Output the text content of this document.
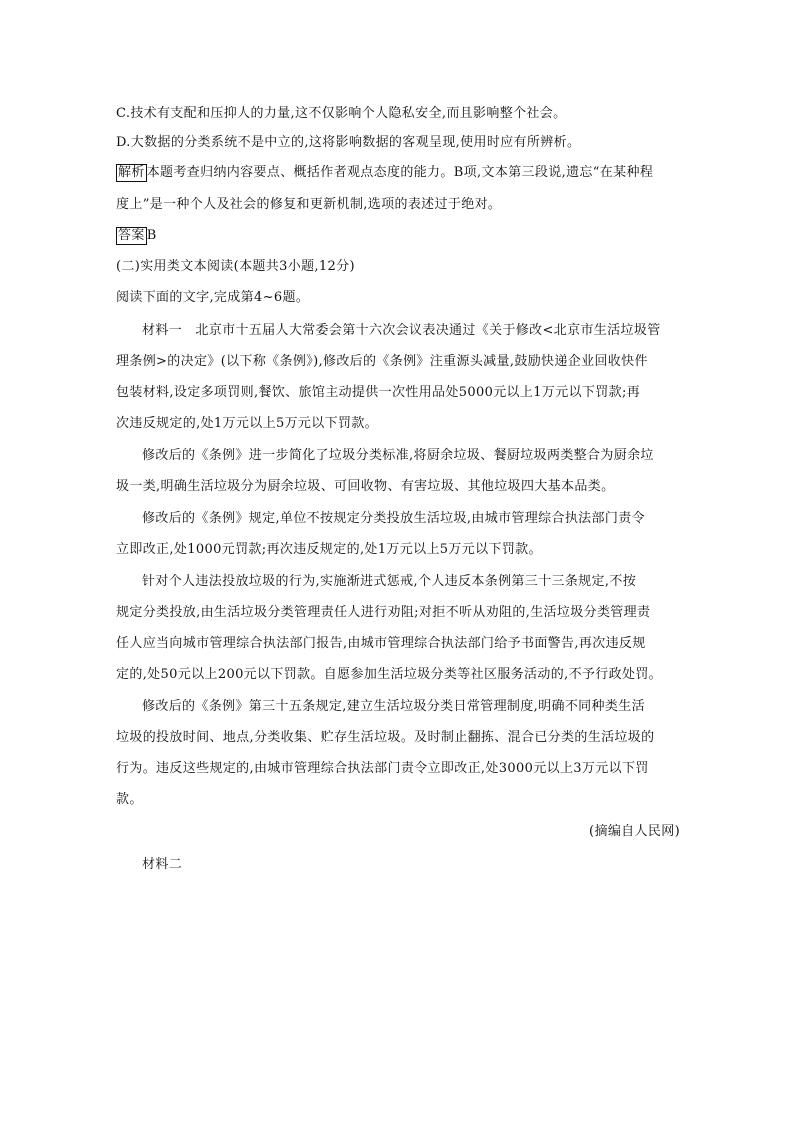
C.技术有支配和压抑人的力量,这不仅影响个人隐私安全,而且影响整个社会。
D.大数据的分类系统不是中立的,这将影响数据的客观呈现,使用时应有所辨析。
解析 本题考查归纳内容要点、概括作者观点态度的能力。B项,文本第三段说,遗忘“在某种程
度上”是一种个人及社会的修复和更新机制,选项的表述过于绝对。
答案 B
(二)实用类文本阅读(本题共3小题,12分)
阅读下面的文字,完成第4~6题。
材料一　北京市十五届人大常委会第十六次会议表决通过《关于修改<北京市生活垃圾管
理条例>的决定》(以下称《条例》),修改后的《条例》注重源头减量,鼓励快递企业回收快件
包装材料,设定多项罚则,餐饮、旅馆主动提供一次性用品处5000元以上1万元以下罚款;再
次违反规定的,处1万元以上5万元以下罚款。
修改后的《条例》进一步简化了垃圾分类标准,将厨余垃圾、餐厨垃圾两类整合为厨余垃
圾一类,明确生活垃圾分为厨余垃圾、可回收物、有害垃圾、其他垃圾四大基本品类。
修改后的《条例》规定,单位不按规定分类投放生活垃圾,由城市管理综合执法部门责令
立即改正,处1000元罚款;再次违反规定的,处1万元以上5万元以下罚款。
针对个人违法投放垃圾的行为,实施渐进式惩戒,个人违反本条例第三十三条规定,不按
规定分类投放,由生活垃圾分类管理责任人进行劝阻;对拒不听从劝阻的,生活垃圾分类管理责
任人应当向城市管理综合执法部门报告,由城市管理综合执法部门给予书面警告,再次违反规
定的,处50元以上200元以下罚款。自愿参加生活垃圾分类等社区服务活动的,不予行政处罚。
修改后的《条例》第三十五条规定,建立生活垃圾分类日常管理制度,明确不同种类生活
垃圾的投放时间、地点,分类收集、贮存生活垃圾。及时制止翻拣、混合已分类的生活垃圾的
行为。违反这些规定的,由城市管理综合执法部门责令立即改正,处3000元以上3万元以下罚
款。
(摘编自人民网)
材料二
